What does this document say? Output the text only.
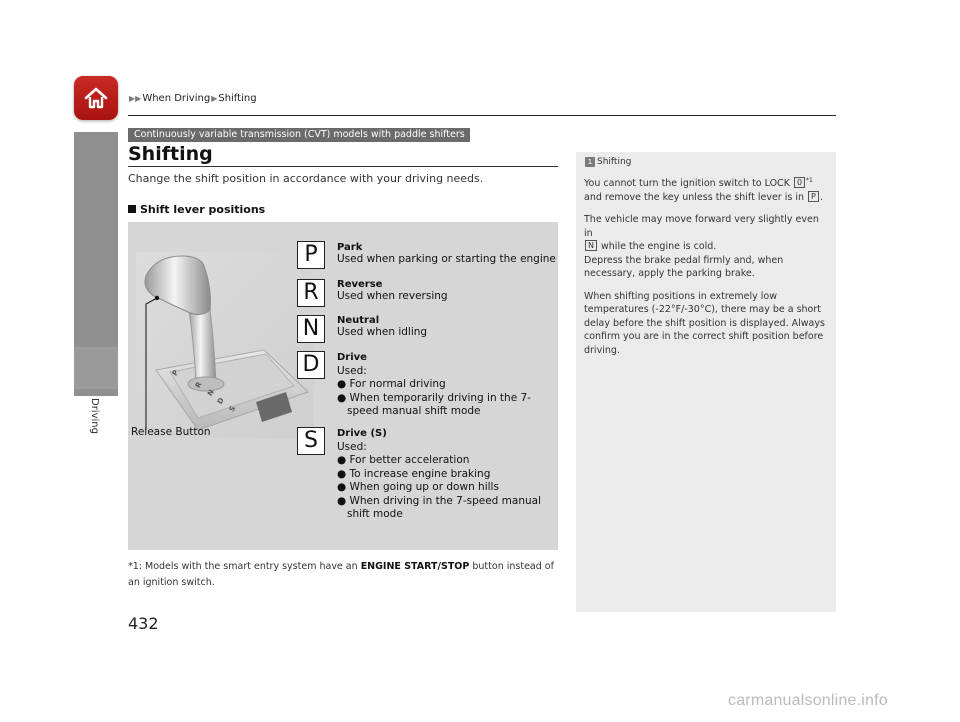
▶▶ When Driving ▶ Shifting
Driving
Continuously variable transmission (CVT) models with paddle shifters
Shifting
Change the shift position in accordance with your driving needs.
Shift lever positions
P
R
N
D
S
Release Button
P
R
N
D
S
Park
Used when parking or starting the engine
Reverse
Used when reversing
Neutral
Used when idling
Drive
Used:
● For normal driving
● When temporarily driving in the 7-speed manual shift mode
Drive (S)
Used:
● For better acceleration
● To increase engine braking
● When going up or down hills
● When driving in the 7-speed manual shift mode
*1: Models with the smart entry system have an ENGINE START/STOP button instead of an ignition switch.
1 Shifting

You cannot turn the ignition switch to LOCK 0 $^{*1}$ and remove the key unless the shift lever is in P .

The vehicle may move forward very slightly even in
N while the engine is cold.
Depress the brake pedal firmly and, when necessary, apply the parking brake.

When shifting positions in extremely low temperatures (-22°F/-30°C), there may be a short delay before the shift position is displayed. Always confirm you are in the correct shift position before driving.

432
carmanualsonline.info
